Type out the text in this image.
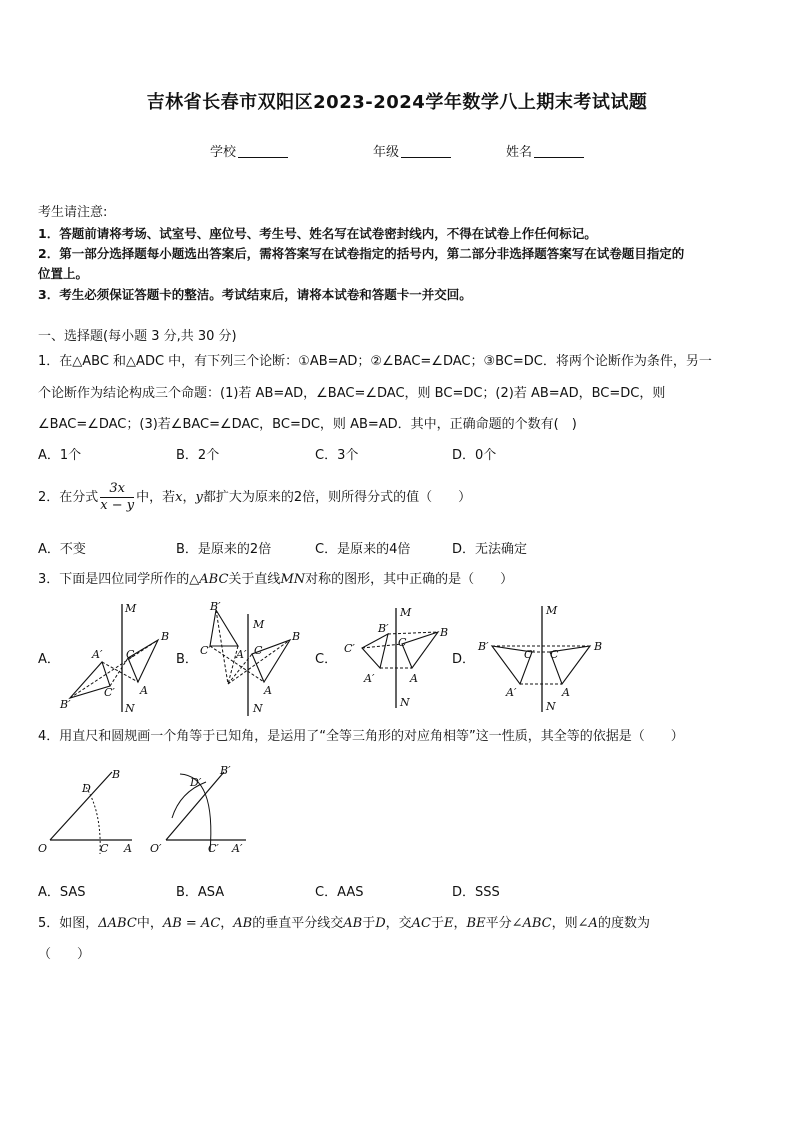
吉林省长春市双阳区2023-2024学年数学八上期末考试试题
学校	年级	姓名
考生请注意:
1．答题前请将考场、试室号、座位号、考生号、姓名写在试卷密封线内，不得在试卷上作任何标记。
2．第一部分选择题每小题选出答案后，需将答案写在试卷指定的括号内，第二部分非选择题答案写在试卷题目指定的
位置上。
3．考生必须保证答题卡的整洁。考试结束后，请将本试卷和答题卡一并交回。
一、选择题(每小题 3 分,共 30 分)
1．在△ABC 和△ADC 中，有下列三个论断：①AB=AD；②∠BAC=∠DAC；③BC=DC．将两个论断作为条件，另一
个论断作为结论构成三个命题：(1)若 AB=AD，∠BAC=∠DAC，则 BC=DC；(2)若 AB=AD，BC=DC，则
∠BAC=∠DAC；(3)若∠BAC=∠DAC，BC=DC，则 AB=AD．其中，正确命题的个数有(　)
A．1个	B．2个	C．3个	D．0个
2．在分式 $\frac{3x}{x - y}$ 中，若x，y都扩大为原来的2倍，则所得分式的值（　　）
A．不变	B．是原来的2倍	C．是原来的4倍	D．无法确定
3．下面是四位同学所作的△ABC关于直线MN对称的图形，其中正确的是（　　）
A．	B．	C．	D．
M
N
B
C
A
A′
C′
B′
B′
M
N
C′ A′
B
C
A
M
N
B′	B
C′	C
A′	A
M
N
B′	B
C′ C
A′	A
4．用直尺和圆规画一个角等于已知角，是运用了“全等三角形的对应角相等”这一性质，其全等的依据是（　　）
O	C A
D
B
O′	C′ A′
D′
B′
A．SAS	B．ASA	C．AAS	D．SSS
5．如图，ΔABC中，AB = AC，AB的垂直平分线交AB于D，交AC于E，BE平分∠ABC，则∠A的度数为
（　　）
